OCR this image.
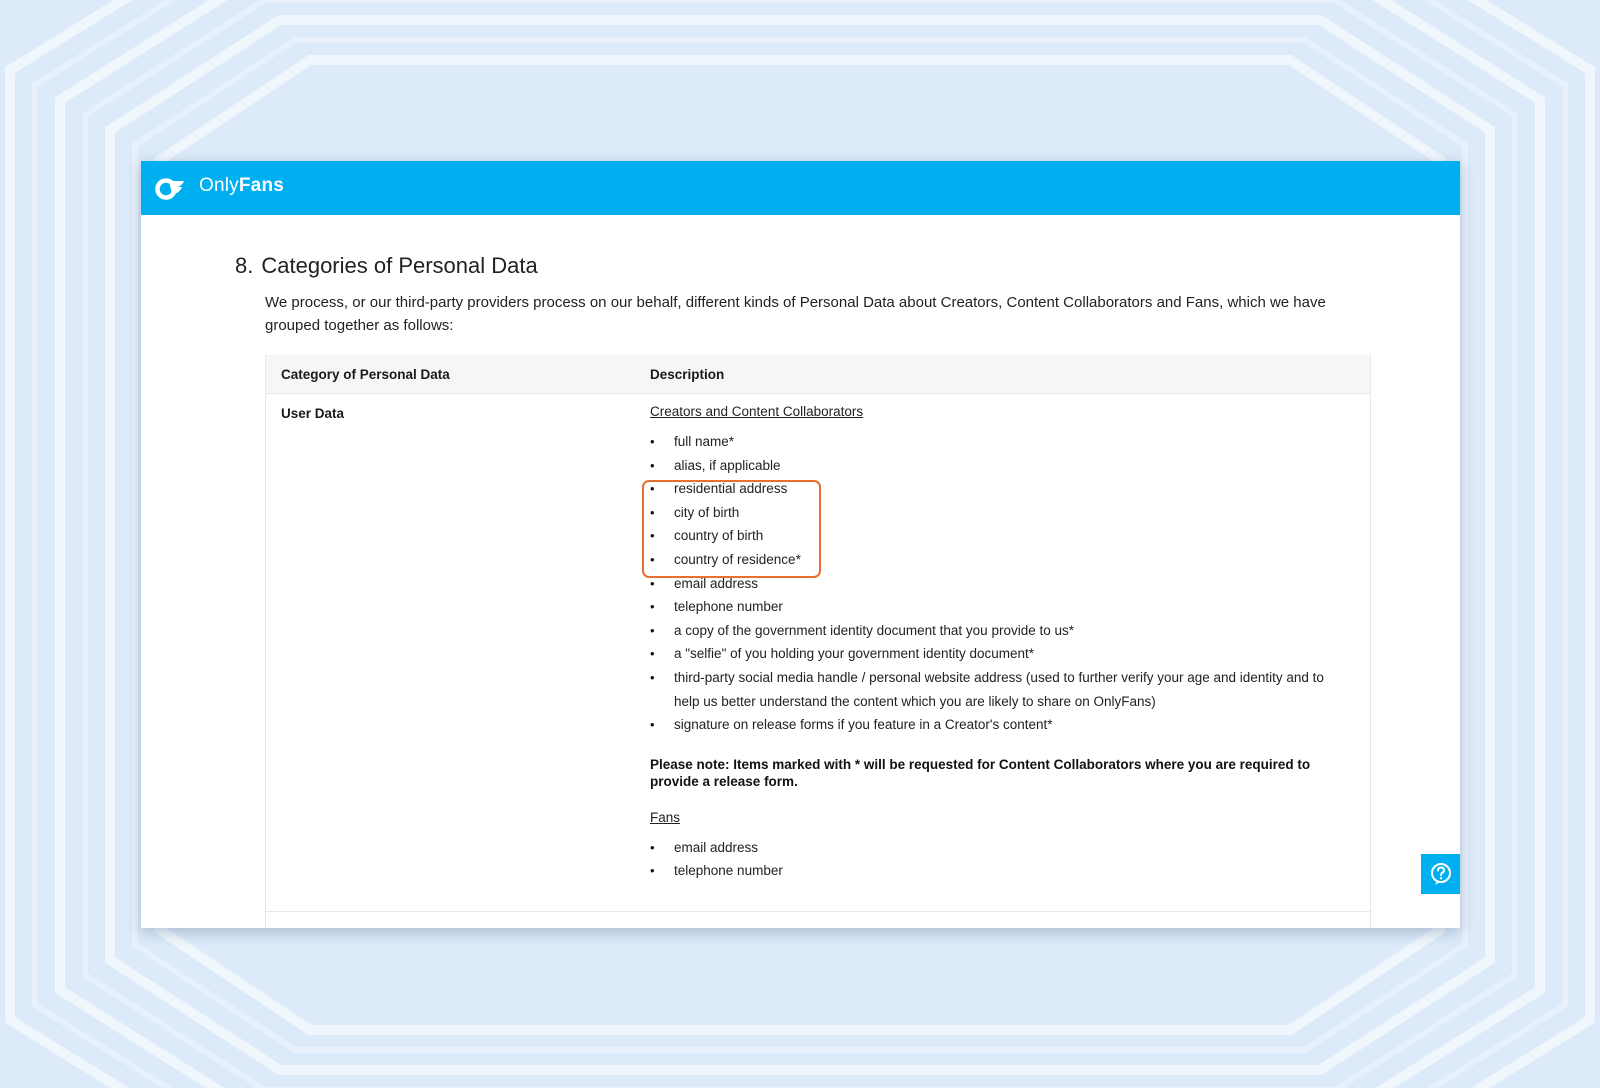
OnlyFans
8. Categories of Personal Data

We process, or our third-party providers process on our behalf, different kinds of Personal Data about Creators, Content Collaborators and Fans, which we have grouped together as follows:

Category of Personal Data	Description
User Data	Creators and Content Collaborators
• full name*
• alias, if applicable
• residential address
• city of birth
• country of birth
• country of residence*
• email address
• telephone number
• a copy of the government identity document that you provide to us*
• a "selfie" of you holding your government identity document*
• third-party social media handle / personal website address (used to further verify your age and identity and to help us better understand the content which you are likely to share on OnlyFans)
• signature on release forms if you feature in a Creator's content*

Please note: Items marked with * will be requested for Content Collaborators where you are required to provide a release form.

Fans
• email address
• telephone number
